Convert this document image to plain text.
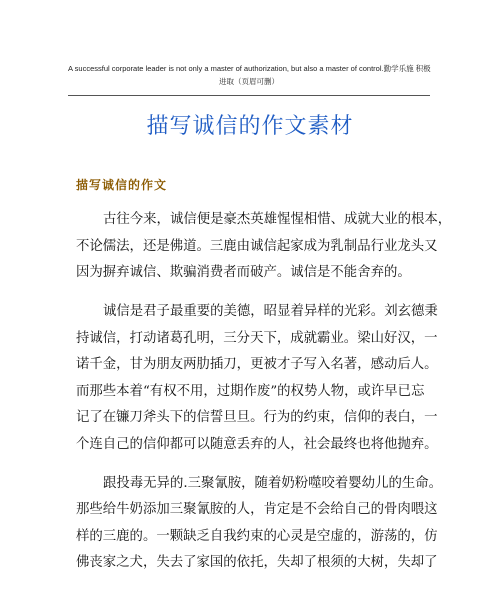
A successful corporate leader is not only a master of authorization, but also a master of control.勤学乐施 积极
进取（页眉可删）
描写诚信的作文素材
描写诚信的作文
古往今来，诚信便是豪杰英雄惺惺相惜、成就大业的根本，
不论儒法，还是佛道。三鹿由诚信起家成为乳制品行业龙头又
因为摒弃诚信、欺骗消费者而破产。诚信是不能舍弃的。
诚信是君子最重要的美德，昭显着异样的光彩。刘玄德秉
持诚信，打动诸葛孔明，三分天下，成就霸业。梁山好汉，一
诺千金，甘为朋友两肋插刀，更被才子写入名著，感动后人。
而那些本着“有权不用，过期作废”的权势人物，或许早已忘
记了在镰刀斧头下的信誓旦旦。行为的约束，信仰的表白，一
个连自己的信仰都可以随意丢弃的人，社会最终也将他抛弃。
跟投毒无异的.三聚氰胺，随着奶粉噬咬着婴幼儿的生命。
那些给牛奶添加三聚氰胺的人，肯定是不会给自己的骨肉喂这
样的三鹿的。一颗缺乏自我约束的心灵是空虚的，游荡的，仿
佛丧家之犬，失去了家国的依托，失却了根须的大树，失却了
